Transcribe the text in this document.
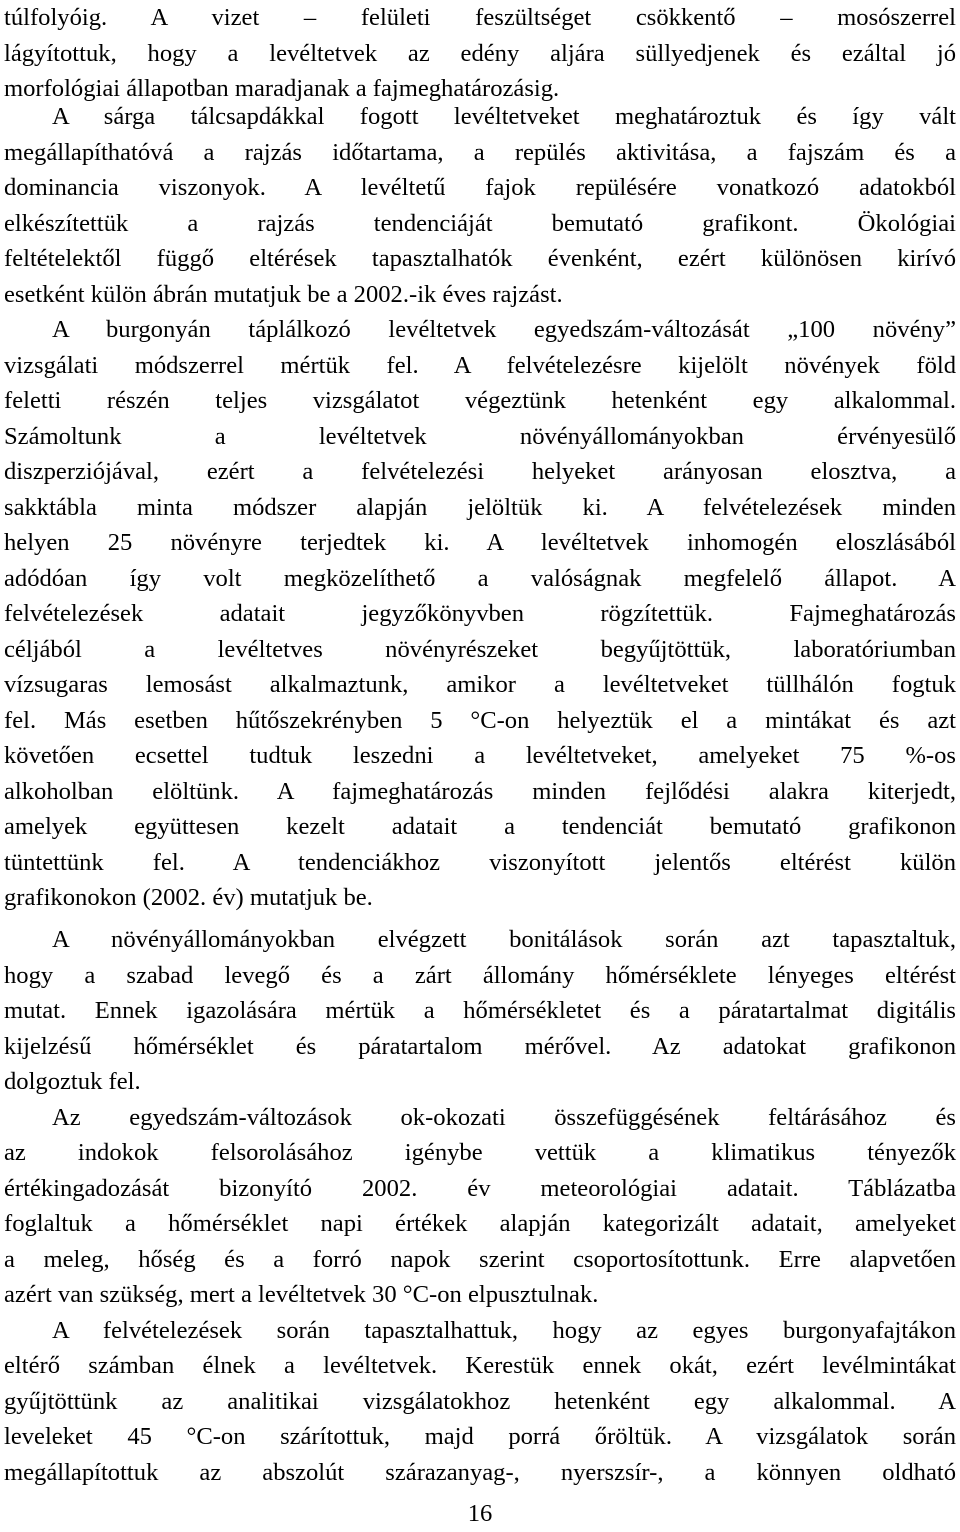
túlfolyóig. A vizet – felületi feszültséget csökkentő – mosószerrel
lágyítottuk, hogy a levéltetvek az edény aljára süllyedjenek és ezáltal jó
morfológiai állapotban maradjanak a fajmeghatározásig.
A sárga tálcsapdákkal fogott levéltetveket meghatároztuk és így vált
megállapíthatóvá a rajzás időtartama, a repülés aktivitása, a fajszám és a
dominancia viszonyok. A levéltetű fajok repülésére vonatkozó adatokból
elkészítettük a rajzás tendenciáját bemutató grafikont. Ökológiai
feltételektől függő eltérések tapasztalhatók évenként, ezért különösen kirívó
esetként külön ábrán mutatjuk be a 2002.-ik éves rajzást.
A burgonyán táplálkozó levéltetvek egyedszám-változását „100 növény”
vizsgálati módszerrel mértük fel. A felvételezésre kijelölt növények föld
feletti részén teljes vizsgálatot végeztünk hetenként egy alkalommal.
Számoltunk a levéltetvek növényállományokban érvényesülő
diszperziójával, ezért a felvételezési helyeket arányosan elosztva, a
sakktábla minta módszer alapján jelöltük ki. A felvételezések minden
helyen 25 növényre terjedtek ki. A levéltetvek inhomogén eloszlásából
adódóan így volt megközelíthető a valóságnak megfelelő állapot. A
felvételezések adatait jegyzőkönyvben rögzítettük. Fajmeghatározás
céljából a levéltetves növényrészeket begyűjtöttük, laboratóriumban
vízsugaras lemosást alkalmaztunk, amikor a levéltetveket tüllhálón fogtuk
fel. Más esetben hűtőszekrényben 5 °C-on helyeztük el a mintákat és azt
követően ecsettel tudtuk leszedni a levéltetveket, amelyeket 75 %-os
alkoholban elöltünk. A fajmeghatározás minden fejlődési alakra kiterjedt,
amelyek együttesen kezelt adatait a tendenciát bemutató grafikonon
tüntettünk fel. A tendenciákhoz viszonyított jelentős eltérést külön
grafikonokon (2002. év) mutatjuk be.
A növényállományokban elvégzett bonitálások során azt tapasztaltuk,
hogy a szabad levegő és a zárt állomány hőmérséklete lényeges eltérést
mutat. Ennek igazolására mértük a hőmérsékletet és a páratartalmat digitális
kijelzésű hőmérséklet és páratartalom mérővel. Az adatokat grafikonon
dolgoztuk fel.
Az egyedszám-változások ok-okozati összefüggésének feltárásához és
az indokok felsorolásához igénybe vettük a klimatikus tényezők
értékingadozását bizonyító 2002. év meteorológiai adatait. Táblázatba
foglaltuk a hőmérséklet napi értékek alapján kategorizált adatait, amelyeket
a meleg, hőség és a forró napok szerint csoportosítottunk. Erre alapvetően
azért van szükség, mert a levéltetvek 30 °C-on elpusztulnak.
A felvételezések során tapasztalhattuk, hogy az egyes burgonyafajtákon
eltérő számban élnek a levéltetvek. Kerestük ennek okát, ezért levélmintákat
gyűjtöttünk az analitikai vizsgálatokhoz hetenként egy alkalommal. A
leveleket 45 °C-on szárítottuk, majd porrá őröltük. A vizsgálatok során
megállapítottuk az abszolút szárazanyag-, nyerszsír-, a könnyen oldható
16
